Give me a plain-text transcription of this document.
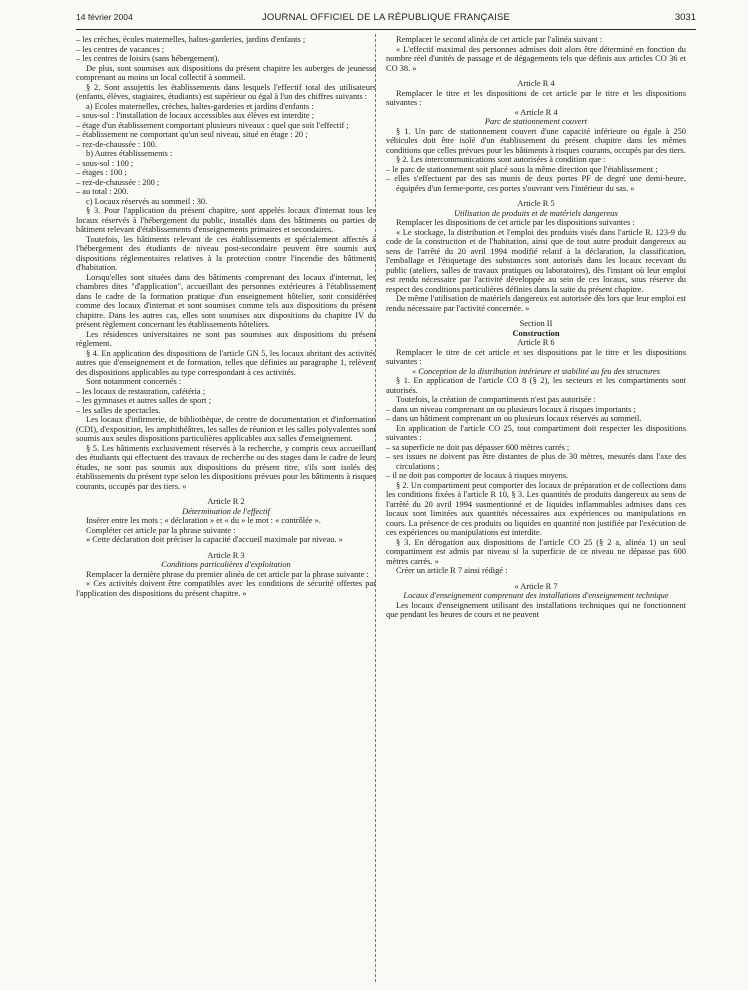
14 février 2004	JOURNAL OFFICIEL DE LA RÉPUBLIQUE FRANÇAISE	3031

– les crèches, écoles maternelles, haltes-garderies, jardins d'enfants ;

– les centres de vacances ;

– les centres de loisirs (sans hébergement).

De plus, sont soumises aux dispositions du présent chapitre les auberges de jeunesse comprenant au moins un local collectif à sommeil.

§ 2. Sont assujettis les établissements dans lesquels l'effectif total des utilisateurs (enfants, élèves, stagiaires, étudiants) est supérieur ou égal à l'un des chiffres suivants :

a) Ecoles maternelles, crèches, haltes-garderies et jardins d'enfants :

– sous-sol : l'installation de locaux accessibles aux élèves est interdite ;

– étage d'un établissement comportant plusieurs niveaux : quel que soit l'effectif ;

– établissement ne comportant qu'un seul niveau, situé en étage : 20 ;

– rez-de-chaussée : 100.

b) Autres établissements :

– sous-sol : 100 ;

– étages : 100 ;

– rez-de-chaussée : 200 ;

– au total : 200.

c) Locaux réservés au sommeil : 30.

§ 3. Pour l'application du présent chapitre, sont appelés locaux d'internat tous les locaux réservés à l'hébergement du public, installés dans des bâtiments ou parties de bâtiment relevant d'établissements d'enseignements primaires et secondaires.

Toutefois, les bâtiments relevant de ces établissements et spécialement affectés à l'hébergement des étudiants de niveau post-secondaire peuvent être soumis aux dispositions réglementaires relatives à la protection contre l'incendie des bâtiments d'habitation.

Lorsqu'elles sont situées dans des bâtiments comprenant des locaux d'internat, les chambres dites "d'application", accueillant des personnes extérieures à l'établissement dans le cadre de la formation pratique d'un enseignement hôtelier, sont considérées comme des locaux d'internat et sont soumises comme tels aux dispositions du présent chapitre. Dans les autres cas, elles sont soumises aux dispositions du chapitre IV du présent règlement concernant les établissements hôteliers.

Les résidences universitaires ne sont pas soumises aux dispositions du présent règlement.

§ 4. En application des dispositions de l'article GN 5, les locaux abritant des activités autres que d'enseignement et de formation, telles que définies au paragraphe 1, relèvent des dispositions applicables au type correspondant à ces activités.

Sont notamment concernés :

– les locaux de restauration, cafétéria ;

– les gymnases et autres salles de sport ;

– les salles de spectacles.

Les locaux d'infirmerie, de bibliothèque, de centre de documentation et d'information (CDI), d'exposition, les amphithéâtres, les salles de réunion et les salles polyvalentes sont soumis aux seules dispositions particulières applicables aux salles d'enseignement.

§ 5. Les bâtiments exclusivement réservés à la recherche, y compris ceux accueillant des étudiants qui effectuent des travaux de recherche ou des stages dans le cadre de leurs études, ne sont pas soumis aux dispositions du présent titre, s'ils sont isolés des établissements du présent type selon les dispositions prévues pour les bâtiments à risques courants, occupés par des tiers. »

Article R 2

Détermination de l'effectif

Insérer entre les mots : « déclaration » et « du » le mot : « contrôlée ».

Compléter cet article par la phrase suivante :

« Cette déclaration doit préciser la capacité d'accueil maximale par niveau. »

Article R 3

Conditions particulières d'exploitation

Remplacer la dernière phrase du premier alinéa de cet article par la phrase suivante :

« Ces activités doivent être compatibles avec les conditions de sécurité offertes par l'application des dispositions du présent chapitre. »

Remplacer le second alinéa de cet article par l'alinéa suivant :

« L'effectif maximal des personnes admises doit alors être déterminé en fonction du nombre réel d'unités de passage et de dégagements tels que définis aux articles CO 36 et CO 38. »

Article R 4

Remplacer le titre et les dispositions de cet article par le titre et les dispositions suivantes :

« Article R 4

Parc de stationnement couvert

§ 1. Un parc de stationnement couvert d'une capacité inférieure ou égale à 250 véhicules doit être isolé d'un établissement du présent chapitre dans les mêmes conditions que celles prévues pour les bâtiments à risques courants, occupés par des tiers.

§ 2. Les intercommunications sont autorisées à condition que :

– le parc de stationnement soit placé sous la même direction que l'établissement ;

– elles s'effectuent par des sas munis de deux portes PF de degré une demi-heure, équipées d'un ferme-porte, ces portes s'ouvrant vers l'intérieur du sas. »

Article R 5

Utilisation de produits et de matériels dangereux

Remplacer les dispositions de cet article par les dispositions suivantes :

« Le stockage, la distribution et l'emploi des produits visés dans l'article R. 123-9 du code de la construction et de l'habitation, ainsi que de tout autre produit dangereux au sens de l'arrêté du 20 avril 1994 modifié relatif à la déclaration, la classification, l'emballage et l'étiquetage des substances sont autorisés dans les locaux recevant du public (ateliers, salles de travaux pratiques ou laboratoires), dès l'instant où leur emploi est rendu nécessaire par l'activité développée au sein de ces locaux, sous réserve du respect des conditions particulières définies dans la suite du présent chapitre.

De même l'utilisation de matériels dangereux est autorisée dès lors que leur emploi est rendu nécessaire par l'activité concernée. »

Section II

Construction

Article R 6

Remplacer le titre de cet article et ses dispositions par le titre et les dispositions suivantes :

« Conception de la distribution intérieure et stabilité au feu des structures

§ 1. En application de l'article CO 8 (§ 2), les secteurs et les compartiments sont autorisés.

Toutefois, la création de compartiments n'est pas autorisée :

– dans un niveau comprenant un ou plusieurs locaux à risques importants ;

– dans un bâtiment comprenant un ou plusieurs locaux réservés au sommeil.

En application de l'article CO 25, tout compartiment doit respecter les dispositions suivantes :

– sa superficie ne doit pas dépasser 600 mètres carrés ;

– ses issues ne doivent pas être distantes de plus de 30 mètres, mesurés dans l'axe des circulations ;

– il ne doit pas comporter de locaux à risques moyens.

§ 2. Un compartiment peut comporter des locaux de préparation et de collections dans les conditions fixées à l'article R 10, § 3. Les quantités de produits dangereux au sens de l'arrêté du 20 avril 1994 susmentionné et de liquides inflammables admises dans ces locaux sont limitées aux quantités nécessaires aux expériences ou manipulations en cours. La présence de ces produits ou liquides en quantité non justifiée par l'exécution de ces expériences ou manipulations est interdite.

§ 3. En dérogation aux dispositions de l'article CO 25 (§ 2 a, alinéa 1) un seul compartiment est admis par niveau si la superficie de ce niveau ne dépasse pas 600 mètres carrés. »

Créer un article R 7 ainsi rédigé :

« Article R 7

Locaux d'enseignement comprenant des installations d'enseignement technique

Les locaux d'enseignement utilisant des installations techniques qui ne fonctionnent que pendant les heures de cours et ne peuvent
